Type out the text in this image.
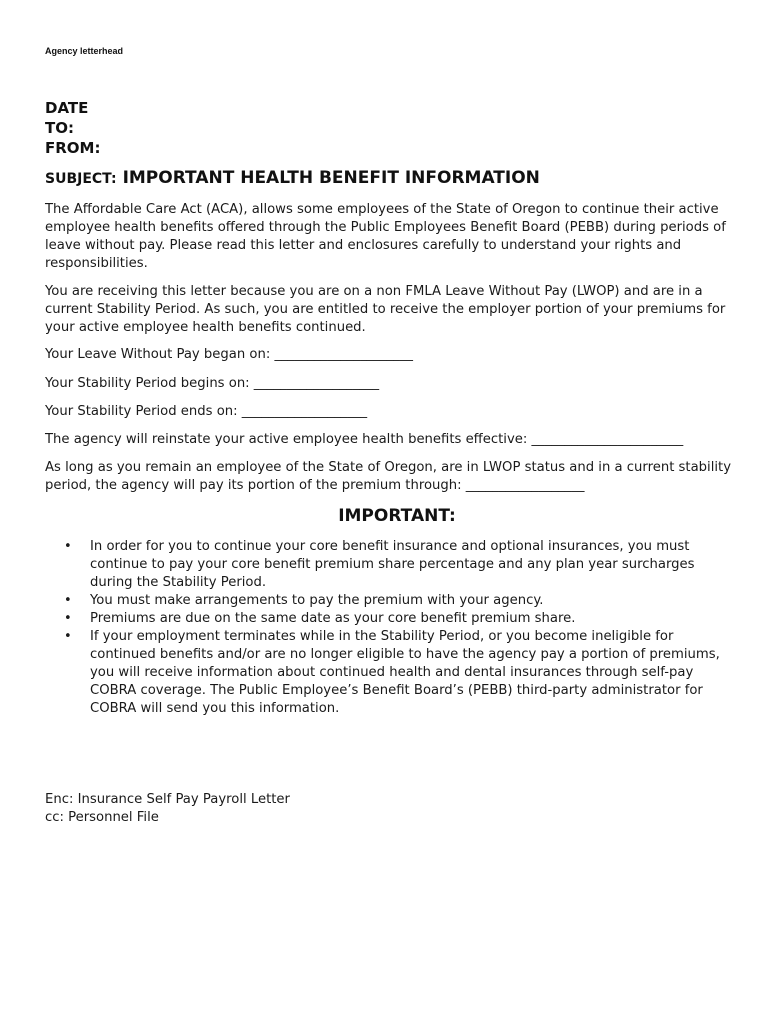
Agency letterhead
DATE
TO:
FROM:
SUBJECT: IMPORTANT HEALTH BENEFIT INFORMATION
The Affordable Care Act (ACA), allows some employees of the State of Oregon to continue their active employee health benefits offered through the Public Employees Benefit Board (PEBB) during periods of leave without pay. Please read this letter and enclosures carefully to understand your rights and responsibilities.
You are receiving this letter because you are on a non FMLA Leave Without Pay (LWOP) and are in a current Stability Period. As such, you are entitled to receive the employer portion of your premiums for your active employee health benefits continued.
Your Leave Without Pay began on: _____________________
Your Stability Period begins on: ___________________
Your Stability Period ends on: ___________________
The agency will reinstate your active employee health benefits effective: _______________________
As long as you remain an employee of the State of Oregon, are in LWOP status and in a current stability period, the agency will pay its portion of the premium through: __________________
IMPORTANT:
• In order for you to continue your core benefit insurance and optional insurances, you must continue to pay your core benefit premium share percentage and any plan year surcharges during the Stability Period.
• You must make arrangements to pay the premium with your agency.
• Premiums are due on the same date as your core benefit premium share.
• If your employment terminates while in the Stability Period, or you become ineligible for continued benefits and/or are no longer eligible to have the agency pay a portion of premiums, you will receive information about continued health and dental insurances through self-pay COBRA coverage. The Public Employee’s Benefit Board’s (PEBB) third-party administrator for COBRA will send you this information.
Enc: Insurance Self Pay Payroll Letter
cc: Personnel File
